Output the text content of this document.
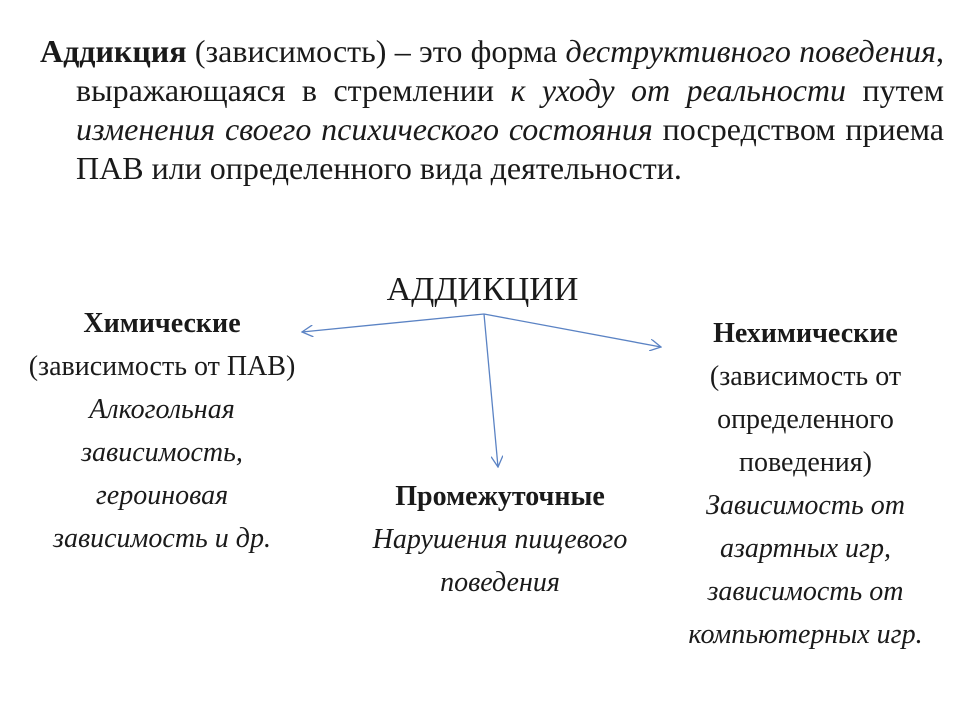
Аддикция (зависимость) – это форма деструктивного поведения, выражающаяся в стремлении к уходу от реальности путем изменения своего психического состояния посредством приема ПАВ или определенного вида деятельности.
АДДИКЦИИ
Химические
(зависимость от ПАВ)
Алкогольная зависимость, героиновая зависимость и др.
Промежуточные
Нарушения пищевого поведения
Нехимические
(зависимость от определенного поведения)
Зависимость от азартных игр, зависимость от компьютерных игр.
